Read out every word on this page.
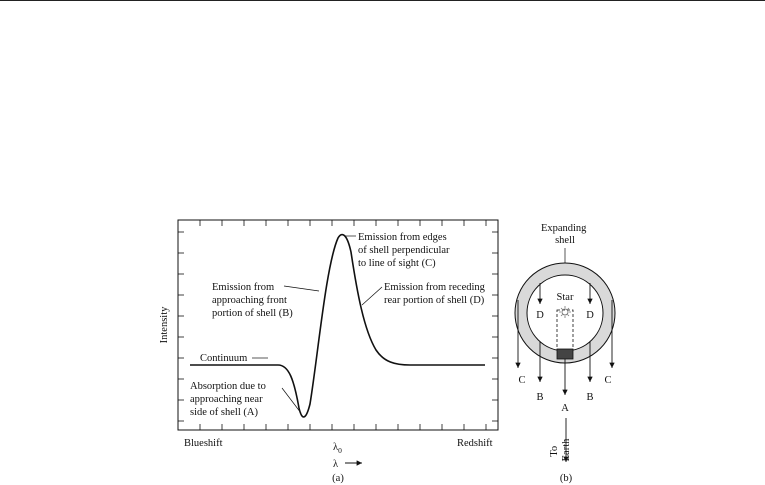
Continuum
Absorption due to approaching near side of shell (A)
Emission from approaching front portion of shell (B)
Emission from edges of shell perpendicular to line of sight (C)
Emission from receding rear portion of shell (D)
Intensity
Blueshift	Redshift
$\lambda_0$
λ
(a)
Expanding shell
Star
D	D
C	C
B	B
A
To Earth
(b)
